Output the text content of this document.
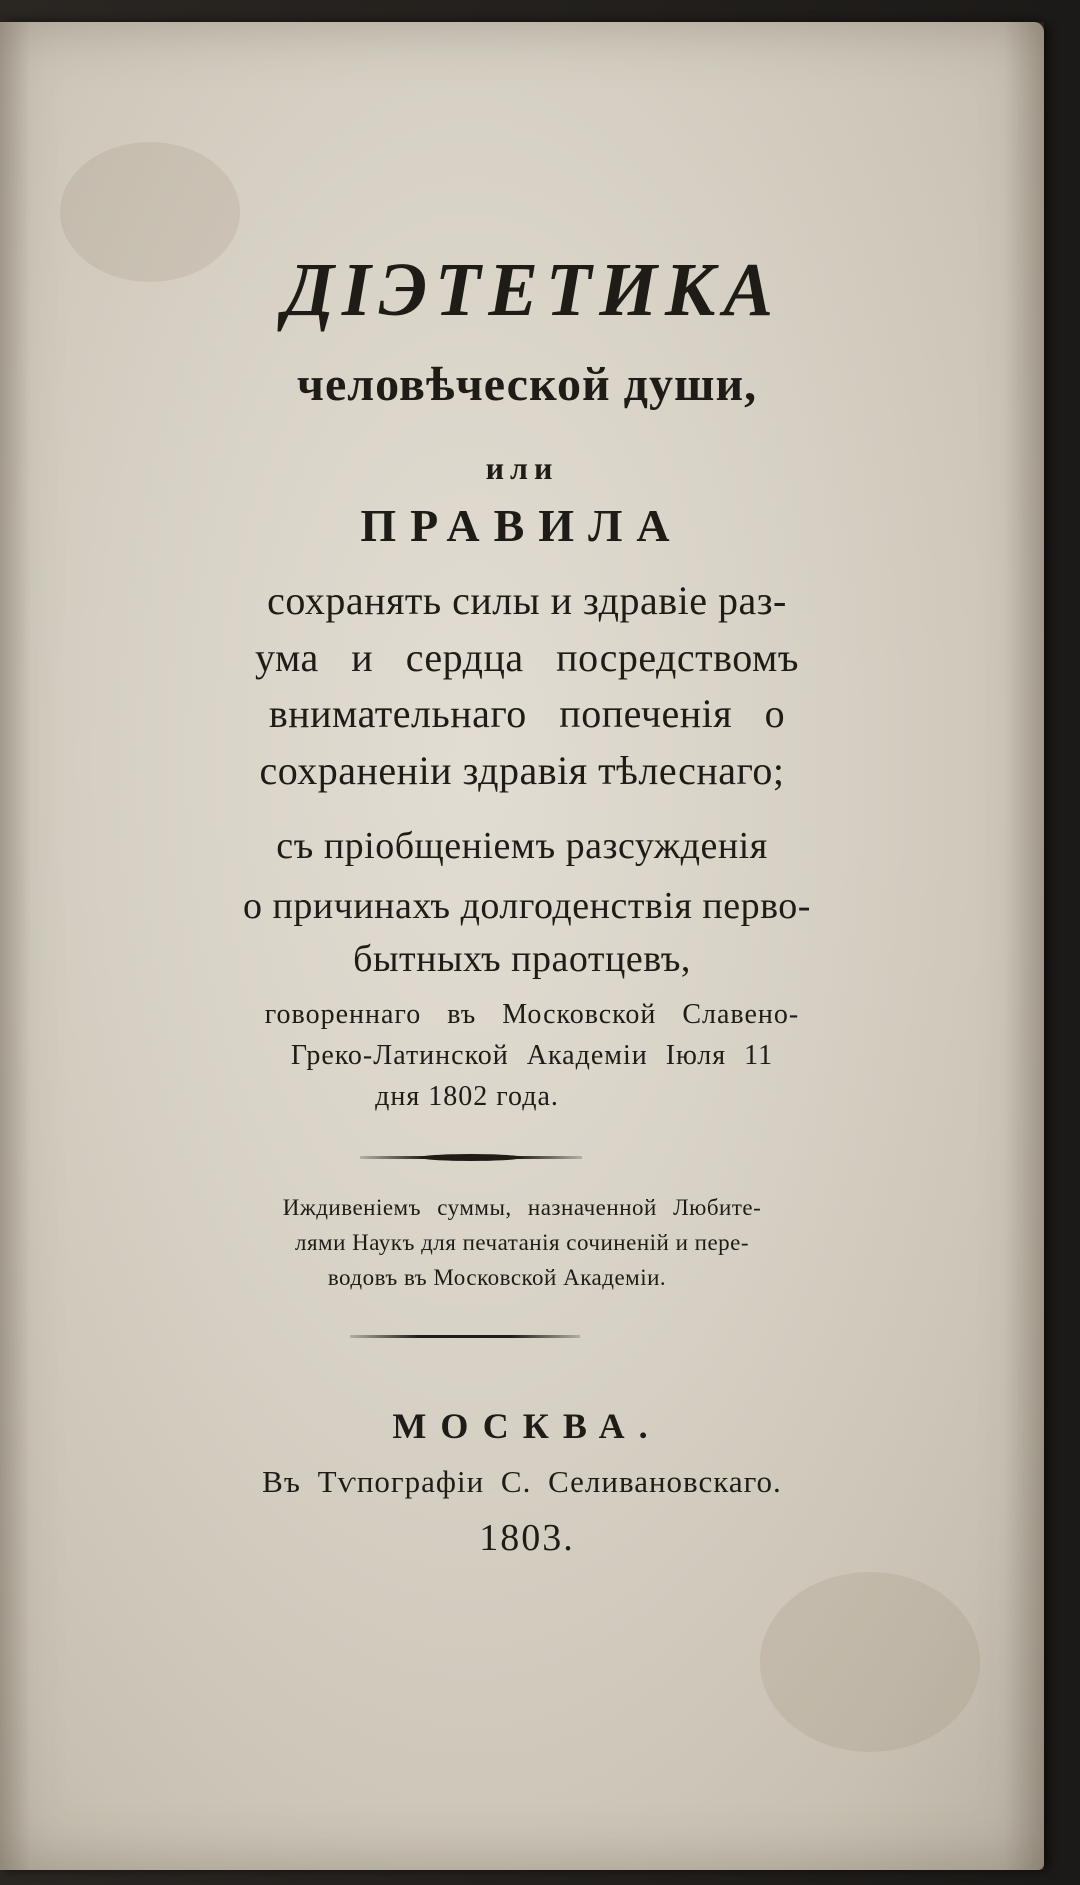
ДІЭТЕТИКА

человѣческой души,

или

ПРАВИЛА

сохранять силы и здравіе раз-

ума и сердца посредствомъ

внимательнаго попеченія о

сохраненіи здравія тѣлеснаго;

съ пріобщеніемъ разсужденія

о причинахъ долгоденствія перво-

бытныхъ праотцевъ,

говореннаго въ Московской Славено-

Греко-Латинской Академіи Іюля 11

дня 1802 года.

Иждивеніемъ суммы, назначенной Любите-

лями Наукъ для печатанія сочиненій и пере-

водовъ въ Московской Академіи.

МОСКВА.

Въ Тѵпографіи С. Селивановскаго.

1803.
